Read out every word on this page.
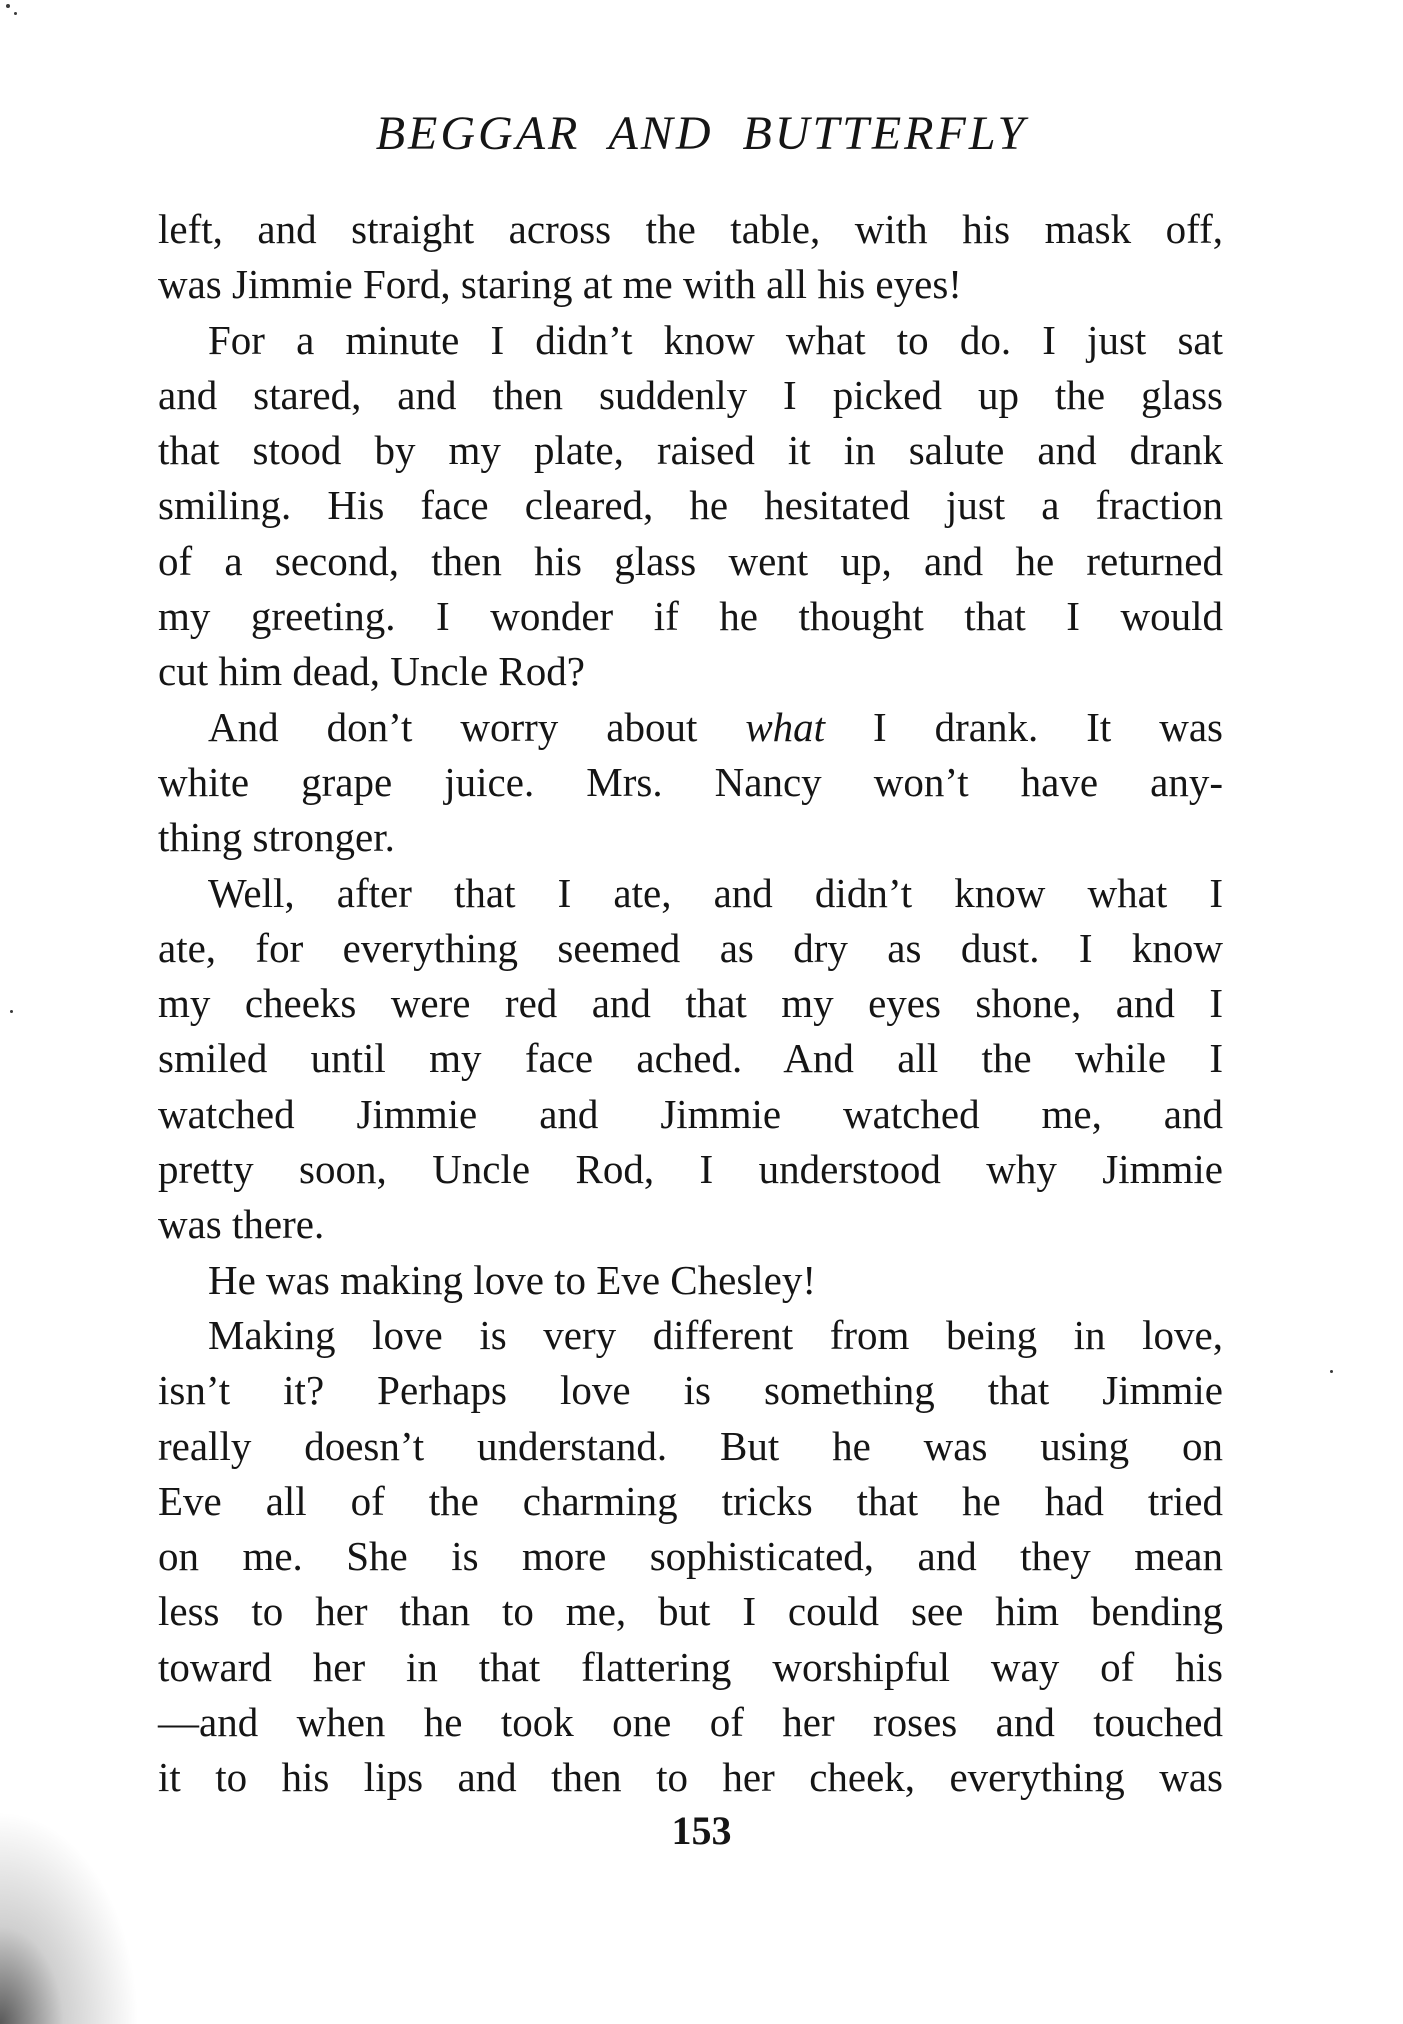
BEGGAR AND BUTTERFLY
left, and straight across the table, with his mask off,
was Jimmie Ford, staring at me with all his eyes!
For a minute I didn’t know what to do. I just sat
and stared, and then suddenly I picked up the glass
that stood by my plate, raised it in salute and drank
smiling. His face cleared, he hesitated just a fraction
of a second, then his glass went up, and he returned
my greeting. I wonder if he thought that I would
cut him dead, Uncle Rod?
And don’t worry about what I drank. It was
white grape juice. Mrs. Nancy won’t have any-
thing stronger.
Well, after that I ate, and didn’t know what I
ate, for everything seemed as dry as dust. I know
my cheeks were red and that my eyes shone, and I
smiled until my face ached. And all the while I
watched Jimmie and Jimmie watched me, and
pretty soon, Uncle Rod, I understood why Jimmie
was there.
He was making love to Eve Chesley!
Making love is very different from being in love,
isn’t it? Perhaps love is something that Jimmie
really doesn’t understand. But he was using on
Eve all of the charming tricks that he had tried
on me. She is more sophisticated, and they mean
less to her than to me, but I could see him bending
toward her in that flattering worshipful way of his
—and when he took one of her roses and touched
it to his lips and then to her cheek, everything was
153
